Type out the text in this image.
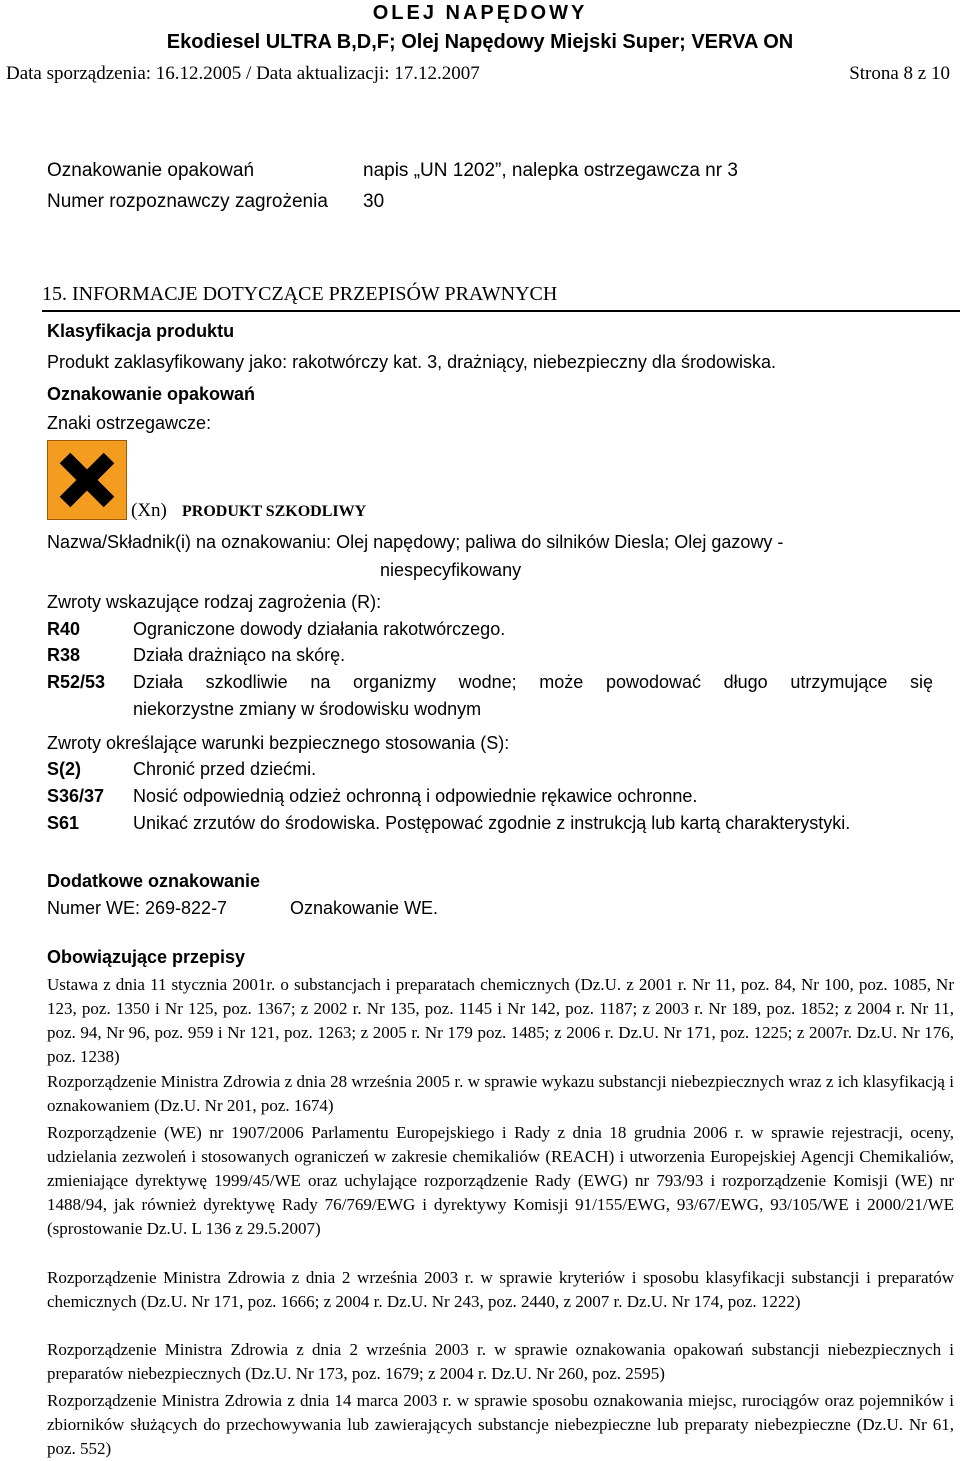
OLEJ NAPĘDOWY
Ekodiesel ULTRA B,D,F; Olej Napędowy Miejski Super; VERVA ON
Data sporządzenia: 16.12.2005 / Data aktualizacji: 17.12.2007	Strona 8 z 10
Oznakowanie opakowań	napis „UN 1202”, nalepka ostrzegawcza nr 3
Numer rozpoznawczy zagrożenia 30
15. INFORMACJE DOTYCZĄCE PRZEPISÓW PRAWNYCH
Klasyfikacja produktu
Produkt zaklasyfikowany jako: rakotwórczy kat. 3, drażniący, niebezpieczny dla środowiska.
Oznakowanie opakowań
Znaki ostrzegawcze:
(Xn) PRODUKT SZKODLIWY
Nazwa/Składnik(i) na oznakowaniu: Olej napędowy; paliwa do silników Diesla; Olej gazowy -
niespecyfikowany
Zwroty wskazujące rodzaj zagrożenia (R):
R40	Ograniczone dowody działania rakotwórczego.
R38	Działa drażniąco na skórę.
R52/53 Działa szkodliwie na organizmy wodne; może powodować długo utrzymujące się
niekorzystne zmiany w środowisku wodnym
Zwroty określające warunki bezpiecznego stosowania (S):
S(2)	Chronić przed dziećmi.
S36/37 Nosić odpowiednią odzież ochronną i odpowiednie rękawice ochronne.
S61	Unikać zrzutów do środowiska. Postępować zgodnie z instrukcją lub kartą charakterystyki.
Dodatkowe oznakowanie
Numer WE: 269-822-7	Oznakowanie WE.
Obowiązujące przepisy
Ustawa z dnia 11 stycznia 2001r. o substancjach i preparatach chemicznych (Dz.U. z 2001 r. Nr 11, poz. 84, Nr 100, poz. 1085, Nr 123, poz. 1350 i Nr 125, poz. 1367; z 2002 r. Nr 135, poz. 1145 i Nr 142, poz. 1187; z 2003 r. Nr 189, poz. 1852; z 2004 r. Nr 11, poz. 94, Nr 96, poz. 959 i Nr 121, poz. 1263; z 2005 r. Nr 179 poz. 1485; z 2006 r. Dz.U. Nr 171, poz. 1225; z 2007r. Dz.U. Nr 176, poz. 1238)
Rozporządzenie Ministra Zdrowia z dnia 28 września 2005 r. w sprawie wykazu substancji niebezpiecznych wraz z ich klasyfikacją i oznakowaniem (Dz.U. Nr 201, poz. 1674)
Rozporządzenie (WE) nr 1907/2006 Parlamentu Europejskiego i Rady z dnia 18 grudnia 2006 r. w sprawie rejestracji, oceny, udzielania zezwoleń i stosowanych ograniczeń w zakresie chemikaliów (REACH) i utworzenia Europejskiej Agencji Chemikaliów, zmieniające dyrektywę 1999/45/WE oraz uchylające rozporządzenie Rady (EWG) nr 793/93 i rozporządzenie Komisji (WE) nr 1488/94, jak również dyrektywę Rady 76/769/EWG i dyrektywy Komisji 91/155/EWG, 93/67/EWG, 93/105/WE i 2000/21/WE (sprostowanie Dz.U. L 136 z 29.5.2007)
Rozporządzenie Ministra Zdrowia z dnia 2 września 2003 r. w sprawie kryteriów i sposobu klasyfikacji substancji i preparatów chemicznych (Dz.U. Nr 171, poz. 1666; z 2004 r. Dz.U. Nr 243, poz. 2440, z 2007 r. Dz.U. Nr 174, poz. 1222)
Rozporządzenie Ministra Zdrowia z dnia 2 września 2003 r. w sprawie oznakowania opakowań substancji niebezpiecznych i preparatów niebezpiecznych (Dz.U. Nr 173, poz. 1679; z 2004 r. Dz.U. Nr 260, poz. 2595)
Rozporządzenie Ministra Zdrowia z dnia 14 marca 2003 r. w sprawie sposobu oznakowania miejsc, rurociągów oraz pojemników i zbiorników służących do przechowywania lub zawierających substancje niebezpieczne lub preparaty niebezpieczne (Dz.U. Nr 61, poz. 552)
